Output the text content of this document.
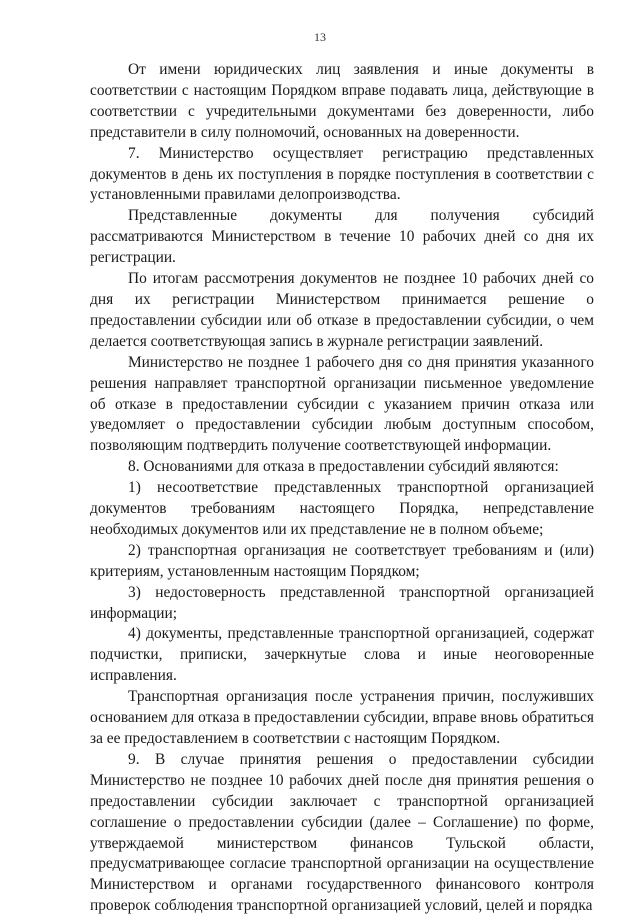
13

От имени юридических лиц заявления и иные документы в соответствии с настоящим Порядком вправе подавать лица, действующие в соответствии с учредительными документами без доверенности, либо представители в силу полномочий, основанных на доверенности.

7. Министерство осуществляет регистрацию представленных документов в день их поступления в порядке поступления в соответствии с установленными правилами делопроизводства.

Представленные документы для получения субсидий рассматриваются Министерством в течение 10 рабочих дней со дня их регистрации.

По итогам рассмотрения документов не позднее 10 рабочих дней со дня их регистрации Министерством принимается решение о предоставлении субсидии или об отказе в предоставлении субсидии, о чем делается соответствующая запись в журнале регистрации заявлений.

Министерство не позднее 1 рабочего дня со дня принятия указанного решения направляет транспортной организации письменное уведомление об отказе в предоставлении субсидии с указанием причин отказа или уведомляет о предоставлении субсидии любым доступным способом, позволяющим подтвердить получение соответствующей информации.

8. Основаниями для отказа в предоставлении субсидий являются:

1) несоответствие представленных транспортной организацией документов требованиям настоящего Порядка, непредставление необходимых документов или их представление не в полном объеме;

2) транспортная организация не соответствует требованиям и (или) критериям, установленным настоящим Порядком;

3) недостоверность представленной транспортной организацией информации;

4) документы, представленные транспортной организацией, содержат подчистки, приписки, зачеркнутые слова и иные неоговоренные исправления.

Транспортная организация после устранения причин, послуживших основанием для отказа в предоставлении субсидии, вправе вновь обратиться за ее предоставлением в соответствии с настоящим Порядком.

9. В случае принятия решения о предоставлении субсидии Министерство не позднее 10 рабочих дней после дня принятия решения о предоставлении субсидии заключает с транспортной организацией соглашение о предоставлении субсидии (далее – Соглашение) по форме, утверждаемой министерством финансов Тульской области, предусматривающее согласие транспортной организации на осуществление Министерством и органами государственного финансового контроля проверок соблюдения транспортной организацией условий, целей и порядка
